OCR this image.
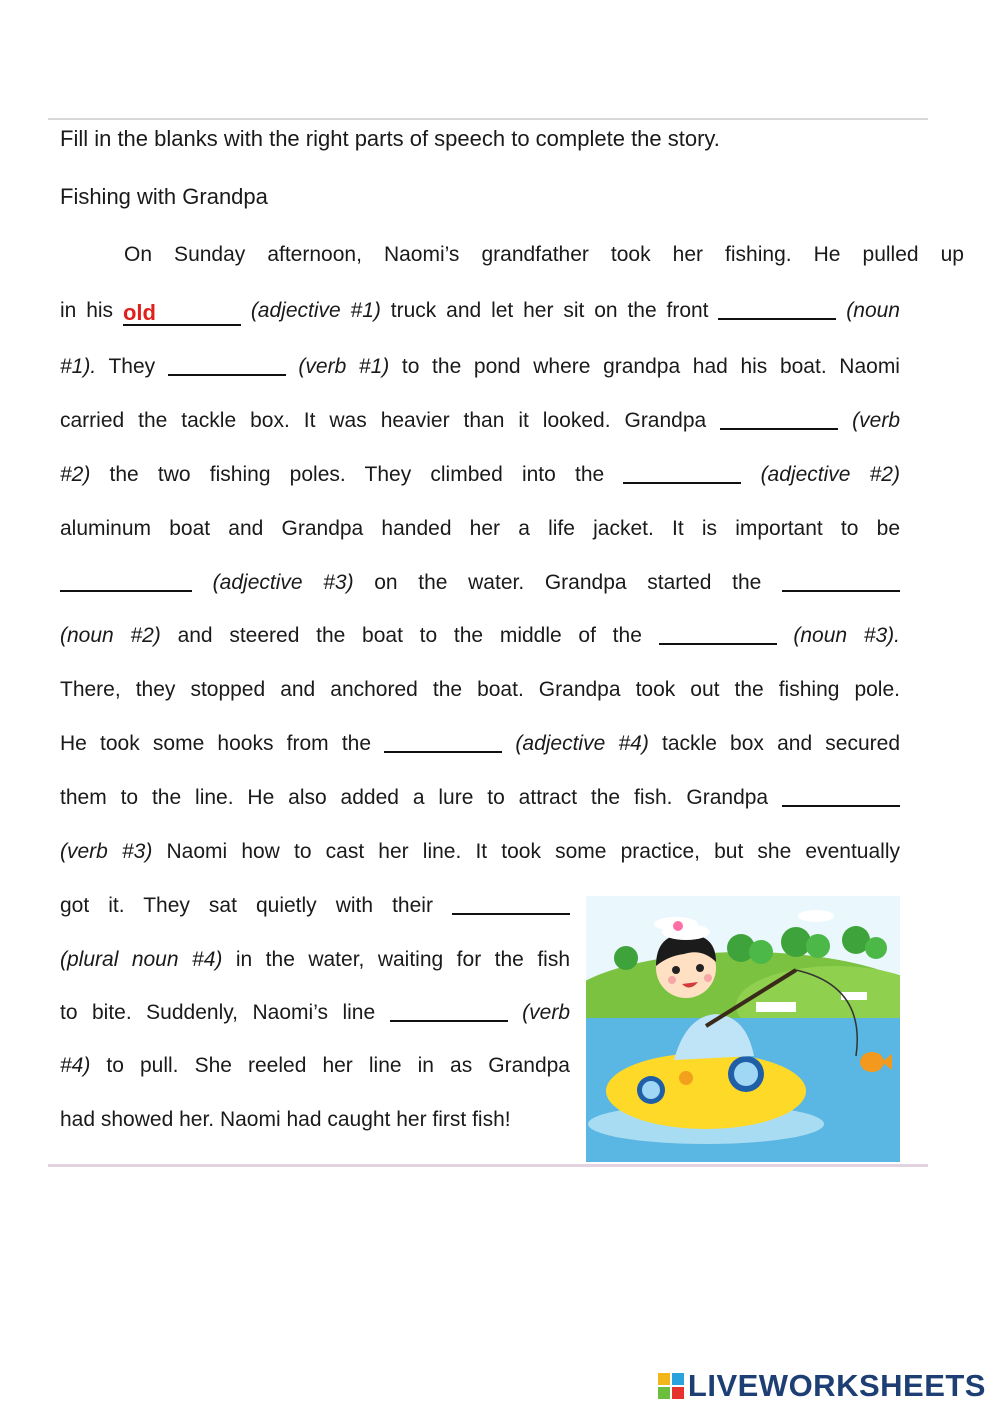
Fill in the blanks with the right parts of speech to complete the story.
Fishing with Grandpa
On Sunday afternoon, Naomi’s grandfather took her fishing. He pulled up
in his old	(adjective #1) truck and let her sit on the front	(noun
#1). They	(verb #1) to the pond where grandpa had his boat. Naomi
carried the tackle box. It was heavier than it looked. Grandpa	(verb
#2) the two fishing poles. They climbed into the	(adjective #2)
aluminum boat and Grandpa handed her a life jacket. It is important to be
(adjective #3) on the water. Grandpa started the
(noun #2) and steered the boat to the middle of the	(noun #3).
There, they stopped and anchored the boat. Grandpa took out the fishing pole.
He took some hooks from the	(adjective #4) tackle box and secured
them to the line. He also added a lure to attract the fish. Grandpa
(verb #3) Naomi how to cast her line. It took some practice, but she eventually
got it. They sat quietly with their
(plural noun #4) in the water, waiting for the fish
to bite. Suddenly, Naomi’s line	(verb
#4) to pull. She reeled her line in as Grandpa
had showed her. Naomi had caught her first fish!
LIVEWORKSHEETS
